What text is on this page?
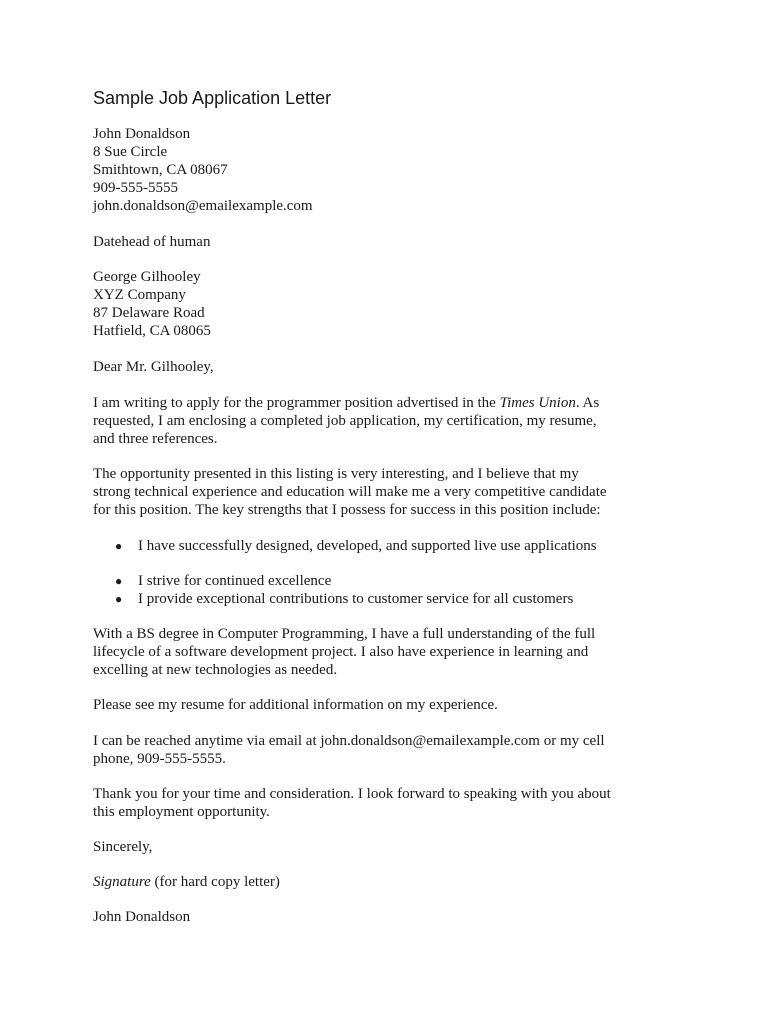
Sample Job Application Letter
John Donaldson
8 Sue Circle
Smithtown, CA 08067
909-555-5555
john.donaldson@emailexample.com
Datehead of human
George Gilhooley
XYZ Company
87 Delaware Road
Hatfield, CA 08065
Dear Mr. Gilhooley,
I am writing to apply for the programmer position advertised in the Times Union. As
requested, I am enclosing a completed job application, my certification, my resume,
and three references.
The opportunity presented in this listing is very interesting, and I believe that my
strong technical experience and education will make me a very competitive candidate
for this position. The key strengths that I possess for success in this position include:
● I have successfully designed, developed, and supported live use applications
● I strive for continued excellence
● I provide exceptional contributions to customer service for all customers
With a BS degree in Computer Programming, I have a full understanding of the full
lifecycle of a software development project. I also have experience in learning and
excelling at new technologies as needed.
Please see my resume for additional information on my experience.
I can be reached anytime via email at john.donaldson@emailexample.com or my cell
phone, 909-555-5555.
Thank you for your time and consideration. I look forward to speaking with you about
this employment opportunity.
Sincerely,
Signature (for hard copy letter)
John Donaldson
